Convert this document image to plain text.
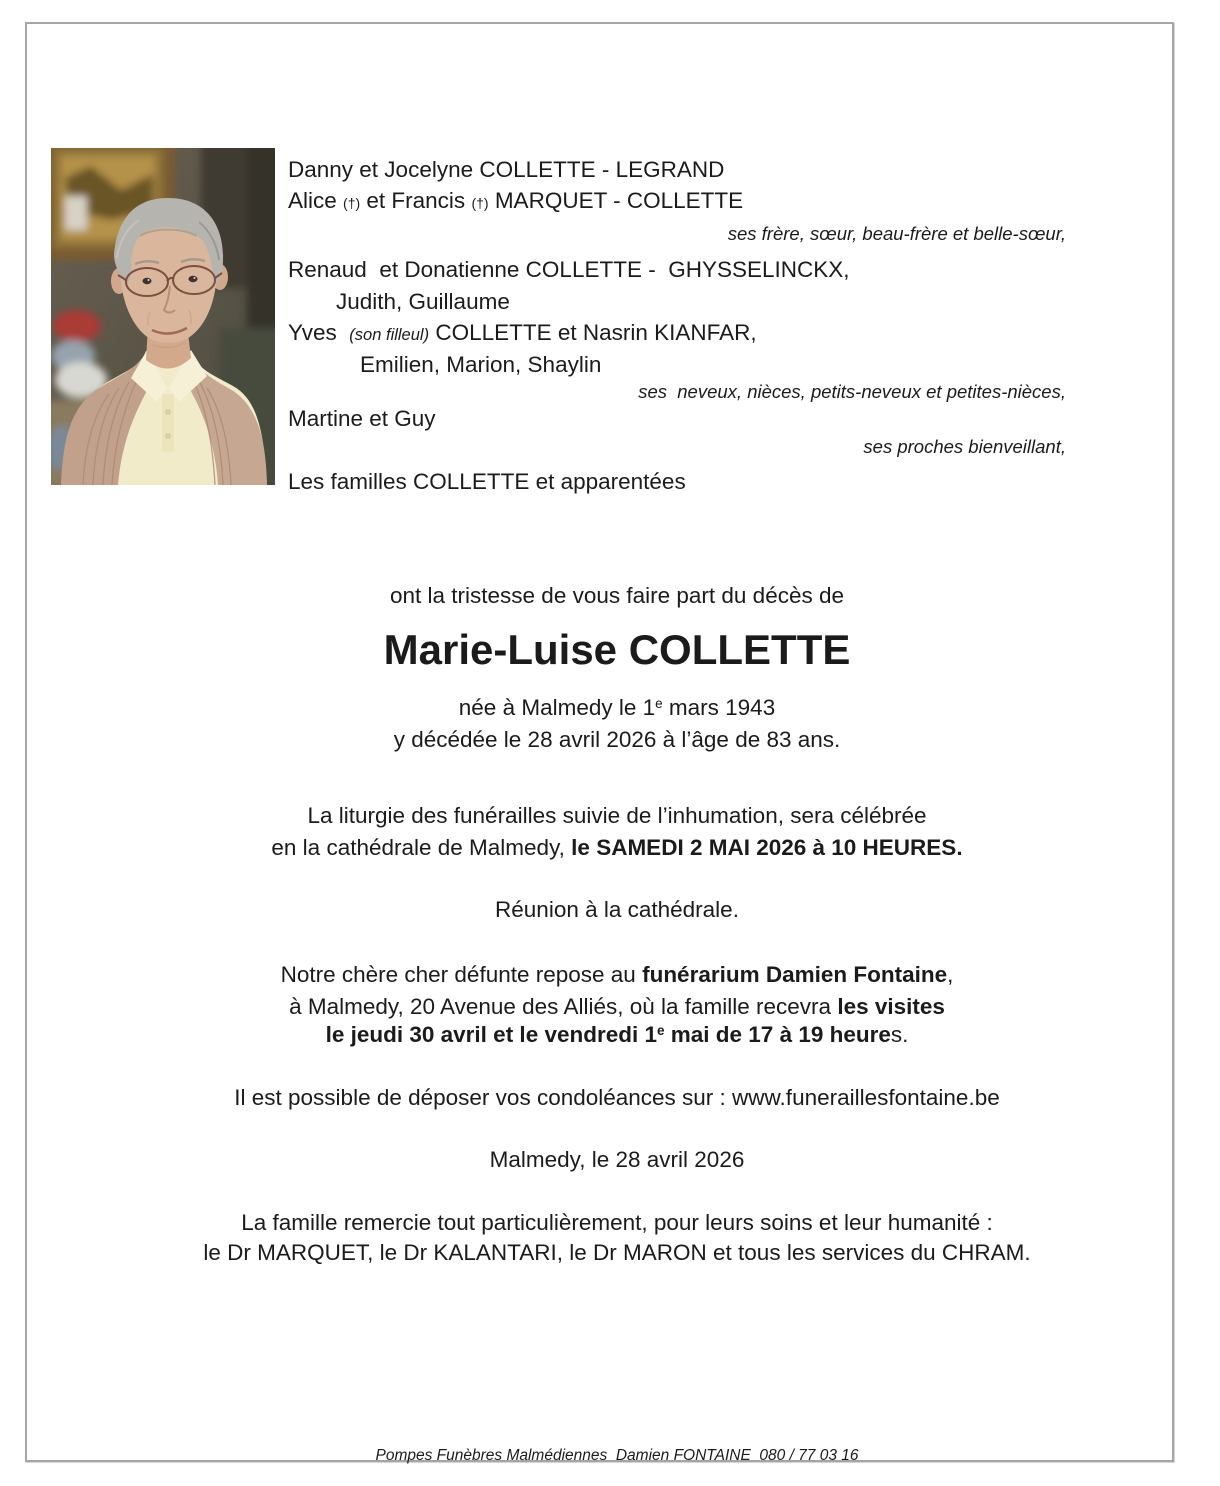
Danny et Jocelyne COLLETTE - LEGRAND
Alice (†) et Francis (†) MARQUET - COLLETTE
ses frère, sœur, beau-frère et belle-sœur,
Renaud  et Donatienne COLLETTE -  GHYSSELINCKX,
Judith, Guillaume
Yves  (son filleul) COLLETTE et Nasrin KIANFAR,
Emilien, Marion, Shaylin
ses  neveux, nièces, petits-neveux et petites-nièces,
Martine et Guy
ses proches bienveillant,
Les familles COLLETTE et apparentées
ont la tristesse de vous faire part du décès de
Marie-Luise COLLETTE
née à Malmedy le 1e mars 1943
y décédée le 28 avril 2026 à l’âge de 83 ans.
La liturgie des funérailles suivie de l’inhumation, sera célébrée
en la cathédrale de Malmedy, le SAMEDI 2 MAI 2026 à 10 HEURES.
Réunion à la cathédrale.
Notre chère cher défunte repose au funérarium Damien Fontaine,
à Malmedy, 20 Avenue des Alliés, où la famille recevra les visites
le jeudi 30 avril et le vendredi 1e mai de 17 à 19 heures.
Il est possible de déposer vos condoléances sur : www.funeraillesfontaine.be
Malmedy, le 28 avril 2026
La famille remercie tout particulièrement, pour leurs soins et leur humanité :
le Dr MARQUET, le Dr KALANTARI, le Dr MARON et tous les services du CHRAM.
Pompes Funèbres Malmédiennes  Damien FONTAINE  080 / 77 03 16
